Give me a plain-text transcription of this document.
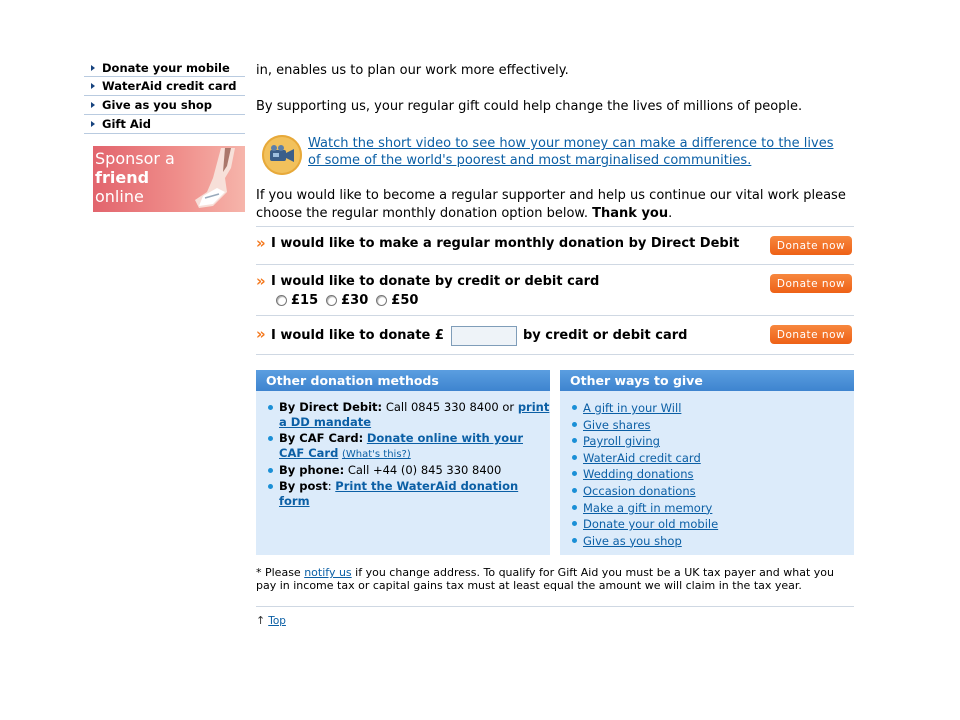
Donate your mobile
WaterAid credit card
Give as you shop
Gift Aid
Sponsor a
friend
online
in, enables us to plan our work more effectively.
By supporting us, your regular gift could help change the lives of millions of people.
Watch the short video to see how your money can make a difference to the lives of some of the world's poorest and most marginalised communities.
If you would like to become a regular supporter and help us continue our vital work please choose the regular monthly donation option below. Thank you.
» I would like to make a regular monthly donation by Direct Debit	Donate now
» I would like to donate by credit or debit card
£15 £30 £50
Donate now
» I would like to donate £	by credit or debit card	Donate now
Other donation methods
By Direct Debit: Call 0845 330 8400 or print a DD mandate
By CAF Card: Donate online with your CAF Card (What's this?)
By phone: Call +44 (0) 845 330 8400
By post: Print the WaterAid donation form
Other ways to give
A gift in your Will
Give shares
Payroll giving
WaterAid credit card
Wedding donations
Occasion donations
Make a gift in memory
Donate your old mobile
Give as you shop
* Please notify us if you change address. To qualify for Gift Aid you must be a UK tax payer and what you pay in income tax or capital gains tax must at least equal the amount we will claim in the tax year.
↑ Top
